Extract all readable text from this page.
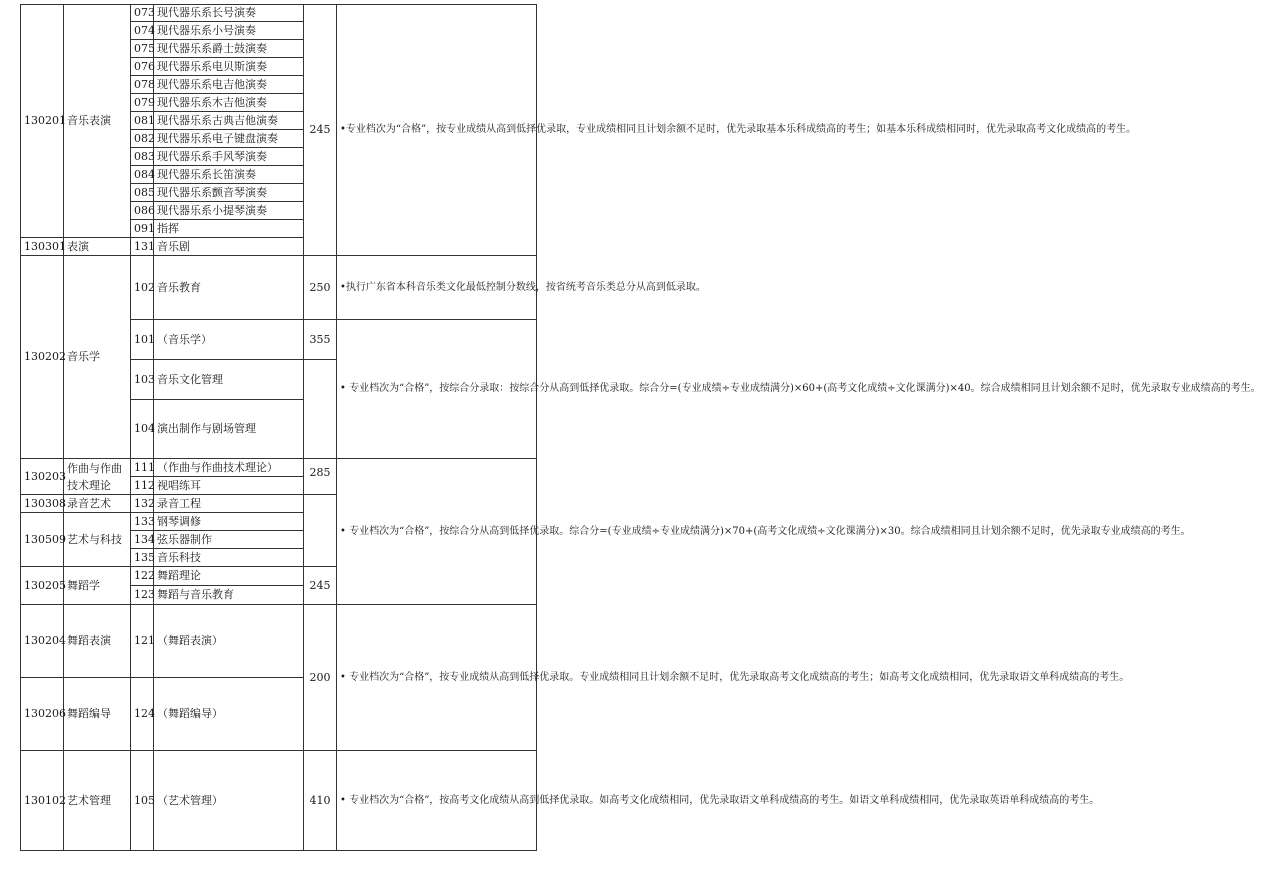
130201	音乐表演	073	现代器乐系长号演奏	245	•专业档次为“合格”，按专业成绩从高到低择优录取，专业成绩相同且计划余额不足时，优先录取基本乐科成绩高的考生；如基本乐科成绩相同时，优先录取高考文化成绩高的考生。
		074	现代器乐系小号演奏		
		075	现代器乐系爵士鼓演奏		
		076	现代器乐系电贝斯演奏		
		078	现代器乐系电吉他演奏		
		079	现代器乐系木吉他演奏		
		081	现代器乐系古典吉他演奏		
		082	现代器乐系电子键盘演奏		
		083	现代器乐系手风琴演奏		
		084	现代器乐系长笛演奏		
		085	现代器乐系颤音琴演奏		
		086	现代器乐系小提琴演奏		
		091	指挥		
130301	表演	131	音乐剧		
130202	音乐学	102	音乐教育	250	•执行广东省本科音乐类文化最低控制分数线，按省统考音乐类总分从高到低录取。
		101	（音乐学）	355	• 专业档次为“合格”，按综合分录取：按综合分从高到低择优录取。综合分=(专业成绩÷专业成绩满分)×60+(高考文化成绩÷文化课满分)×40。综合成绩相同且计划余额不足时，优先录取专业成绩高的考生。
		103	音乐文化管理		
		104	演出制作与剧场管理		
130203	作曲与作曲技术理论	111	（作曲与作曲技术理论）	285	• 专业档次为“合格”，按综合分从高到低择优录取。综合分=(专业成绩÷专业成绩满分)×70+(高考文化成绩÷文化课满分)×30。综合成绩相同且计划余额不足时，优先录取专业成绩高的考生。
		112	视唱练耳		
130308	录音艺术	132	录音工程		
130509	艺术与科技	133	钢琴调修		
		134	弦乐器制作		
		135	音乐科技		
130205	舞蹈学	122	舞蹈理论	245	
		123	舞蹈与音乐教育		
130204	舞蹈表演	121	（舞蹈表演）	200	• 专业档次为“合格”，按专业成绩从高到低择优录取。专业成绩相同且计划余额不足时，优先录取高考文化成绩高的考生；如高考文化成绩相同，优先录取语文单科成绩高的考生。
130206	舞蹈编导	124	（舞蹈编导）		
130102	艺术管理	105	（艺术管理）	410	• 专业档次为“合格”，按高考文化成绩从高到低择优录取。如高考文化成绩相同，优先录取语文单科成绩高的考生。如语文单科成绩相同，优先录取英语单科成绩高的考生。
